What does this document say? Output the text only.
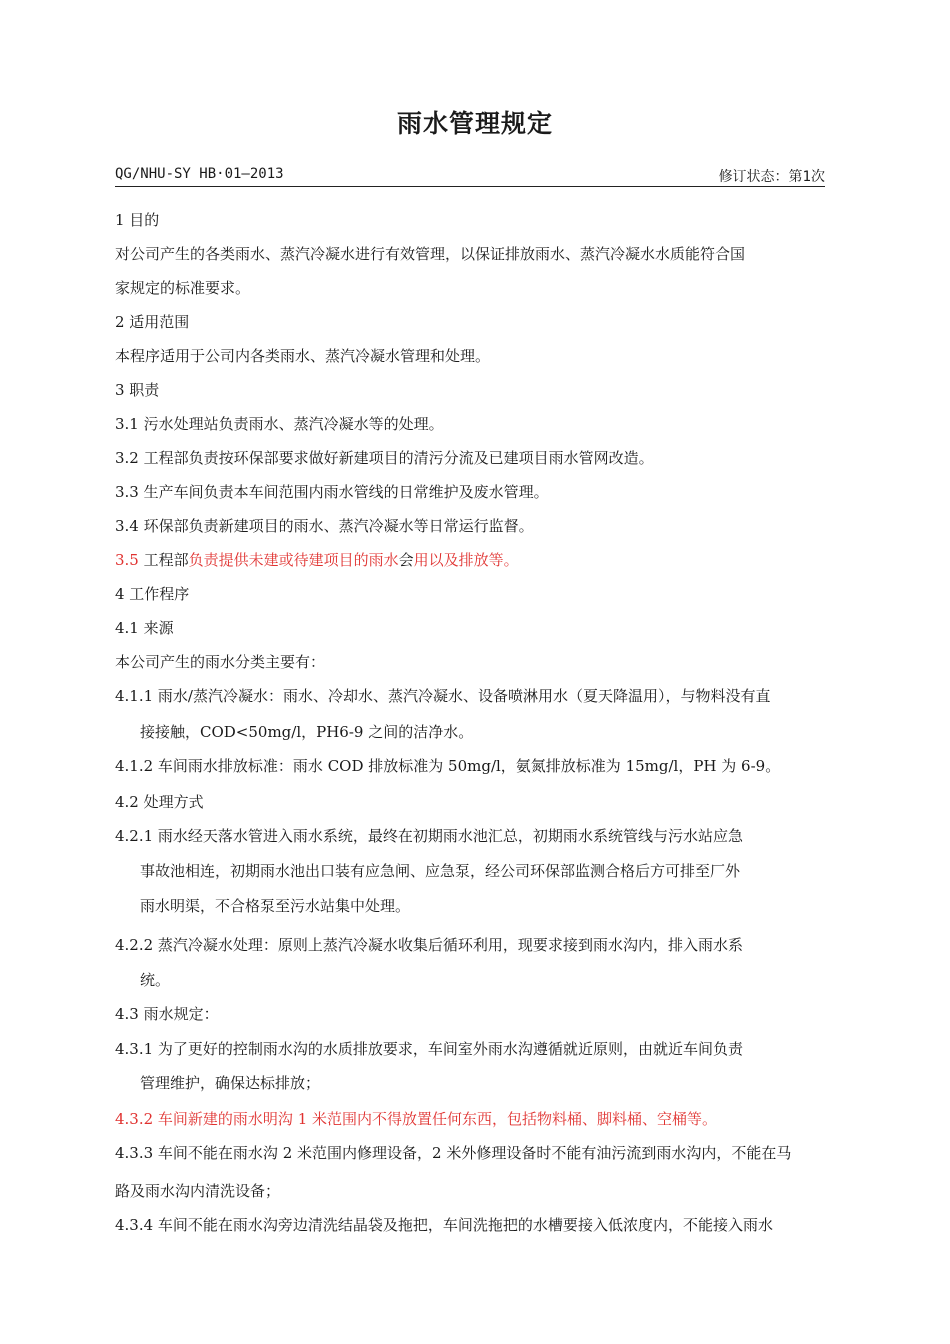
雨水管理规定
QG/NHU-SY HB·01—2013	修订状态：第1次
1 目的
对公司产生的各类雨水、蒸汽冷凝水进行有效管理，以保证排放雨水、蒸汽冷凝水水质能符合国
家规定的标准要求。
2 适用范围
本程序适用于公司内各类雨水、蒸汽冷凝水管理和处理。
3 职责
3.1 污水处理站负责雨水、蒸汽冷凝水等的处理。
3.2 工程部负责按环保部要求做好新建项目的清污分流及已建项目雨水管网改造。
3.3 生产车间负责本车间范围内雨水管线的日常维护及废水管理。
3.4 环保部负责新建项目的雨水、蒸汽冷凝水等日常运行监督。
3.5 工程部负责提供未建或待建项目的雨水会用以及排放等。
4 工作程序
4.1 来源
本公司产生的雨水分类主要有：
4.1.1 雨水/蒸汽冷凝水：雨水、冷却水、蒸汽冷凝水、设备喷淋用水（夏天降温用），与物料没有直
接接触，COD<50mg/l，PH6-9 之间的洁净水。
4.1.2 车间雨水排放标准：雨水 COD 排放标准为 50mg/l，氨氮排放标准为 15mg/l，PH 为 6-9。
4.2 处理方式
4.2.1 雨水经天落水管进入雨水系统，最终在初期雨水池汇总，初期雨水系统管线与污水站应急
事故池相连，初期雨水池出口装有应急闸、应急泵，经公司环保部监测合格后方可排至厂外
雨水明渠，不合格泵至污水站集中处理。
4.2.2 蒸汽冷凝水处理：原则上蒸汽冷凝水收集后循环利用，现要求接到雨水沟内，排入雨水系
统。
4.3 雨水规定：
4.3.1 为了更好的控制雨水沟的水质排放要求，车间室外雨水沟遵循就近原则，由就近车间负责
管理维护，确保达标排放；
4.3.2 车间新建的雨水明沟 1 米范围内不得放置任何东西，包括物料桶、脚料桶、空桶等。
4.3.3 车间不能在雨水沟 2 米范围内修理设备，2 米外修理设备时不能有油污流到雨水沟内，不能在马
路及雨水沟内清洗设备；
4.3.4 车间不能在雨水沟旁边清洗结晶袋及拖把，车间洗拖把的水槽要接入低浓度内，不能接入雨水
